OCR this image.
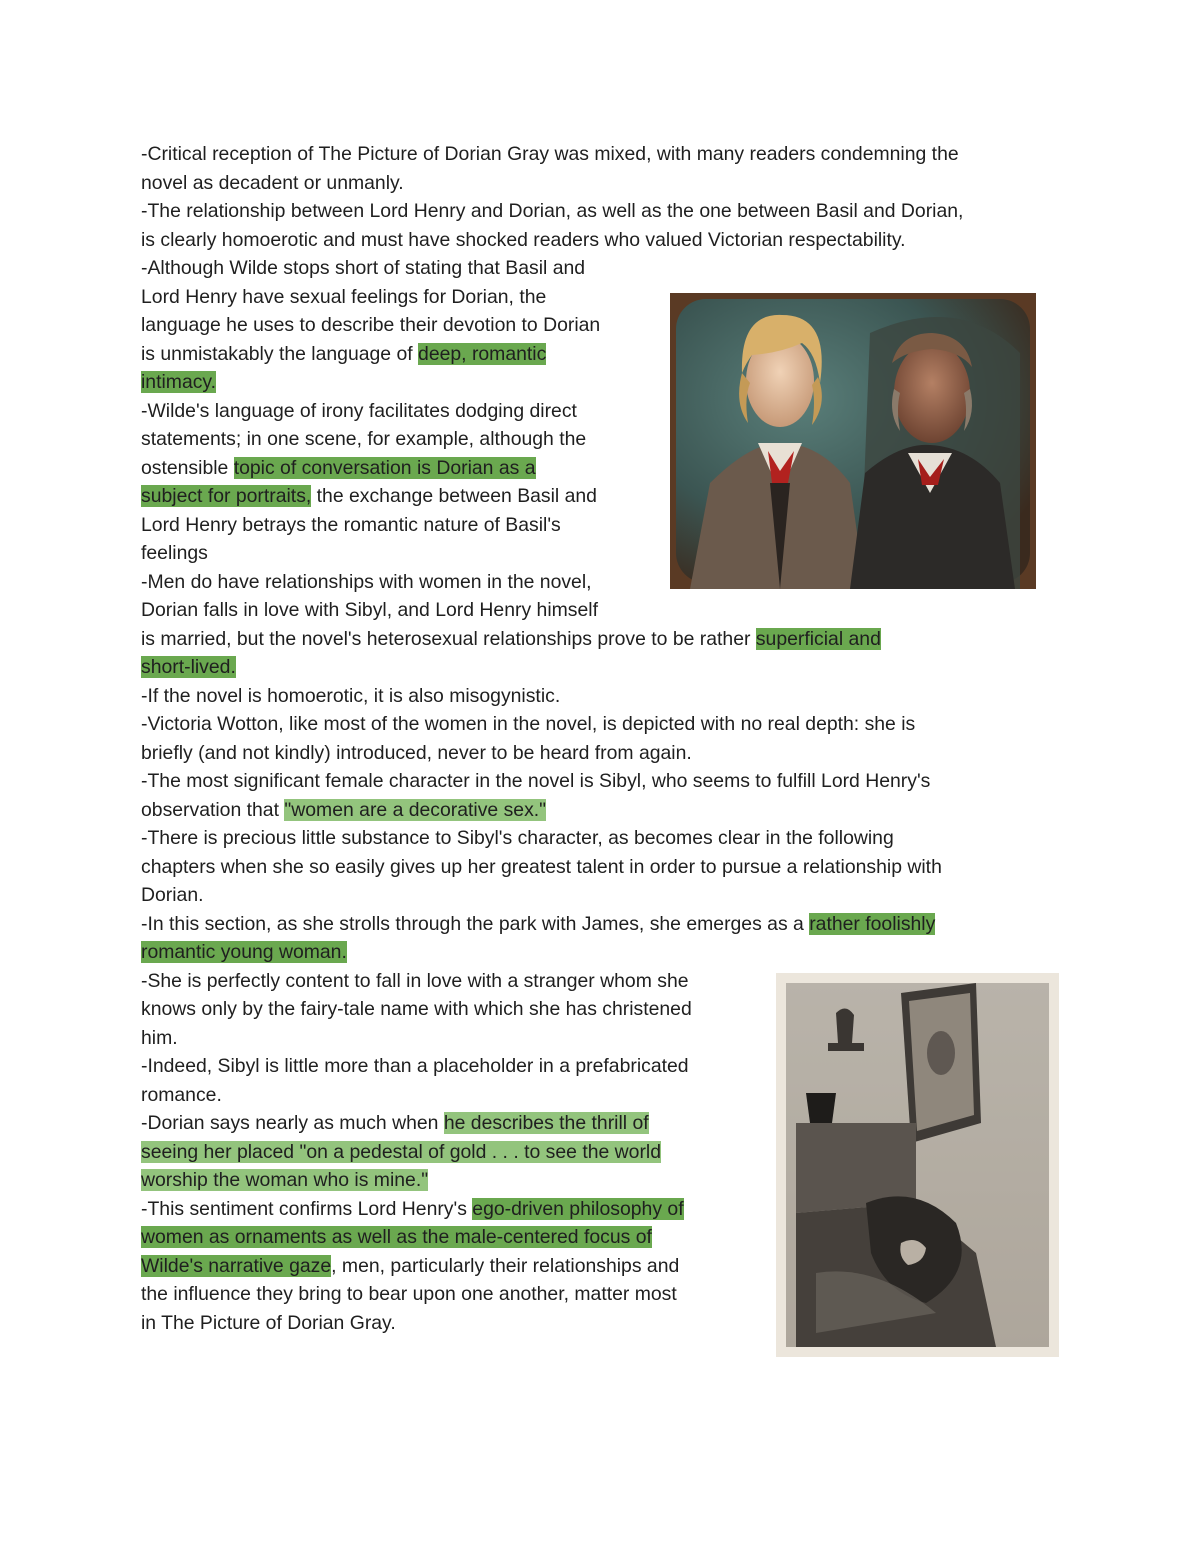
-Critical reception of The Picture of Dorian Gray was mixed, with many readers condemning the
novel as decadent or unmanly.
-The relationship between Lord Henry and Dorian, as well as the one between Basil and Dorian,
is clearly homoerotic and must have shocked readers who valued Victorian respectability.
-Although Wilde stops short of stating that Basil and
Lord Henry have sexual feelings for Dorian, the
language he uses to describe their devotion to Dorian
is unmistakably the language of deep, romantic
intimacy.
-Wilde's language of irony facilitates dodging direct
statements; in one scene, for example, although the
ostensible topic of conversation is Dorian as a
subject for portraits, the exchange between Basil and
Lord Henry betrays the romantic nature of Basil's
feelings
-Men do have relationships with women in the novel,
Dorian falls in love with Sibyl, and Lord Henry himself
is married, but the novel's heterosexual relationships prove to be rather superficial and
short-lived.
-If the novel is homoerotic, it is also misogynistic.
-Victoria Wotton, like most of the women in the novel, is depicted with no real depth: she is
briefly (and not kindly) introduced, never to be heard from again.
-The most significant female character in the novel is Sibyl, who seems to fulfill Lord Henry's
observation that "women are a decorative sex."
-There is precious little substance to Sibyl's character, as becomes clear in the following
chapters when she so easily gives up her greatest talent in order to pursue a relationship with
Dorian.
-In this section, as she strolls through the park with James, she emerges as a rather foolishly
romantic young woman.
-She is perfectly content to fall in love with a stranger whom she
knows only by the fairy-tale name with which she has christened
him.
-Indeed, Sibyl is little more than a placeholder in a prefabricated
romance.
-Dorian says nearly as much when he describes the thrill of
seeing her placed "on a pedestal of gold . . . to see the world
worship the woman who is mine."
-This sentiment confirms Lord Henry's ego-driven philosophy of
women as ornaments as well as the male-centered focus of
Wilde's narrative gaze, men, particularly their relationships and
the influence they bring to bear upon one another, matter most
in The Picture of Dorian Gray.
